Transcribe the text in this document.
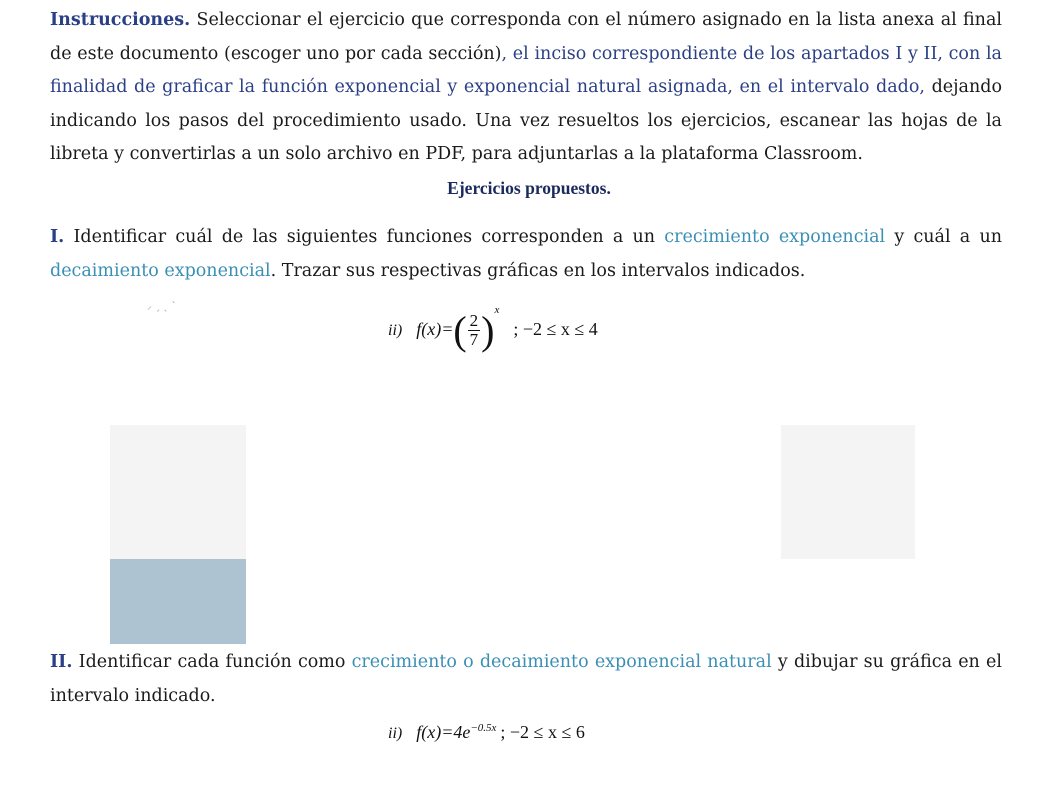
Instrucciones. Seleccionar el ejercicio que corresponda con el número asignado en la lista anexa al final de este documento (escoger uno por cada sección), el inciso correspondiente de los apartados I y II, con la finalidad de graficar la función exponencial y exponencial natural asignada, en el intervalo dado, dejando indicando los pasos del procedimiento usado. Una vez resueltos los ejercicios, escanear las hojas de la libreta y convertirlas a un solo archivo en PDF, para adjuntarlas a la plataforma Classroom.

Ejercicios propuestos.

I. Identificar cuál de las siguientes funciones corresponden a un crecimiento exponencial y cuál a un decaimiento exponencial. Trazar sus respectivas gráficas en los intervalos indicados.

⸝ ˏ ˎ ˋ
ii) $f(x)=( \frac{2}{7} )^x$; −2 ≤ x ≤ 4

II. Identificar cada función como crecimiento o decaimiento exponencial natural y dibujar su gráfica en el intervalo indicado.

ii) $f(x)=4e^{-0.5x}$ ; −2 ≤ x ≤ 6
